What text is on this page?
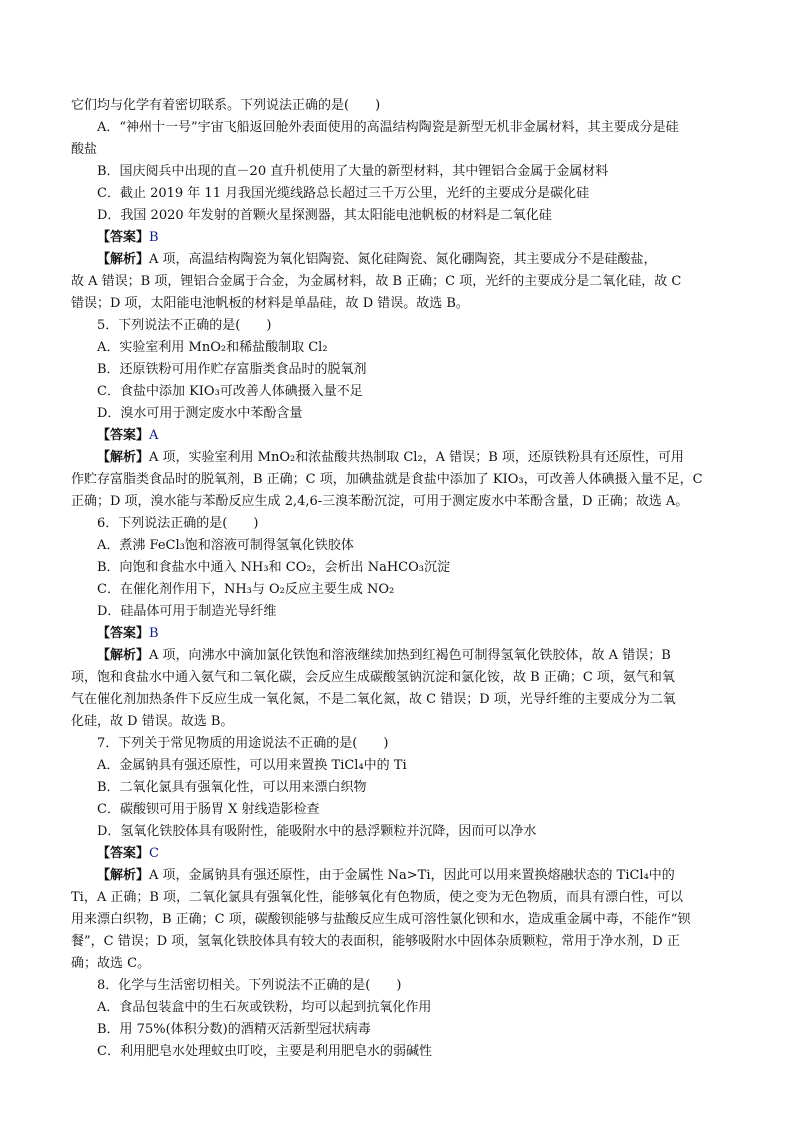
它们均与化学有着密切联系。下列说法正确的是(　　)
A．“神州十一号”宇宙飞船返回舱外表面使用的高温结构陶瓷是新型无机非金属材料，其主要成分是硅
酸盐
B．国庆阅兵中出现的直－20 直升机使用了大量的新型材料，其中锂铝合金属于金属材料
C．截止 2019 年 11 月我国光缆线路总长超过三千万公里，光纤的主要成分是碳化硅
D．我国 2020 年发射的首颗火星探测器，其太阳能电池帆板的材料是二氧化硅
【答案】B
【解析】A 项，高温结构陶瓷为氧化铝陶瓷、氮化硅陶瓷、氮化硼陶瓷，其主要成分不是硅酸盐，
故 A 错误；B 项，锂铝合金属于合金，为金属材料，故 B 正确；C 项，光纤的主要成分是二氧化硅，故 C
错误；D 项，太阳能电池帆板的材料是单晶硅，故 D 错误。故选 B。
5．下列说法不正确的是(　　)
A．实验室利用 MnO₂和稀盐酸制取 Cl₂
B．还原铁粉可用作贮存富脂类食品时的脱氧剂
C．食盐中添加 KIO₃可改善人体碘摄入量不足
D．溴水可用于测定废水中苯酚含量
【答案】A
【解析】A 项，实验室利用 MnO₂和浓盐酸共热制取 Cl₂，A 错误；B 项，还原铁粉具有还原性，可用
作贮存富脂类食品时的脱氧剂，B 正确；C 项，加碘盐就是食盐中添加了 KIO₃，可改善人体碘摄入量不足，C
正确；D 项，溴水能与苯酚反应生成 2,4,6-三溴苯酚沉淀，可用于测定废水中苯酚含量，D 正确；故选 A。
6．下列说法正确的是(　　)
A．煮沸 FeCl₃饱和溶液可制得氢氧化铁胶体
B．向饱和食盐水中通入 NH₃和 CO₂，会析出 NaHCO₃沉淀
C．在催化剂作用下，NH₃与 O₂反应主要生成 NO₂
D．硅晶体可用于制造光导纤维
【答案】B
【解析】A 项，向沸水中滴加氯化铁饱和溶液继续加热到红褐色可制得氢氧化铁胶体，故 A 错误；B
项，饱和食盐水中通入氨气和二氧化碳，会反应生成碳酸氢钠沉淀和氯化铵，故 B 正确；C 项，氨气和氧
气在催化剂加热条件下反应生成一氧化氮，不是二氧化氮，故 C 错误；D 项，光导纤维的主要成分为二氧
化硅，故 D 错误。故选 B。
7．下列关于常见物质的用途说法不正确的是(　　)
A．金属钠具有强还原性，可以用来置换 TiCl₄中的 Ti
B．二氧化氯具有强氧化性，可以用来漂白织物
C．碳酸钡可用于肠胃 X 射线造影检查
D．氢氧化铁胶体具有吸附性，能吸附水中的悬浮颗粒并沉降，因而可以净水
【答案】C
【解析】A 项，金属钠具有强还原性，由于金属性 Na>Ti，因此可以用来置换熔融状态的 TiCl₄中的
Ti，A 正确；B 项，二氧化氯具有强氧化性，能够氧化有色物质，使之变为无色物质，而具有漂白性，可以
用来漂白织物，B 正确；C 项，碳酸钡能够与盐酸反应生成可溶性氯化钡和水，造成重金属中毒，不能作“钡
餐”，C 错误；D 项，氢氧化铁胶体具有较大的表面积，能够吸附水中固体杂质颗粒，常用于净水剂，D 正
确；故选 C。
8．化学与生活密切相关。下列说法不正确的是(　　)
A．食品包装盒中的生石灰或铁粉，均可以起到抗氧化作用
B．用 75%(体积分数)的酒精灭活新型冠状病毒
C．利用肥皂水处理蚊虫叮咬，主要是利用肥皂水的弱碱性
